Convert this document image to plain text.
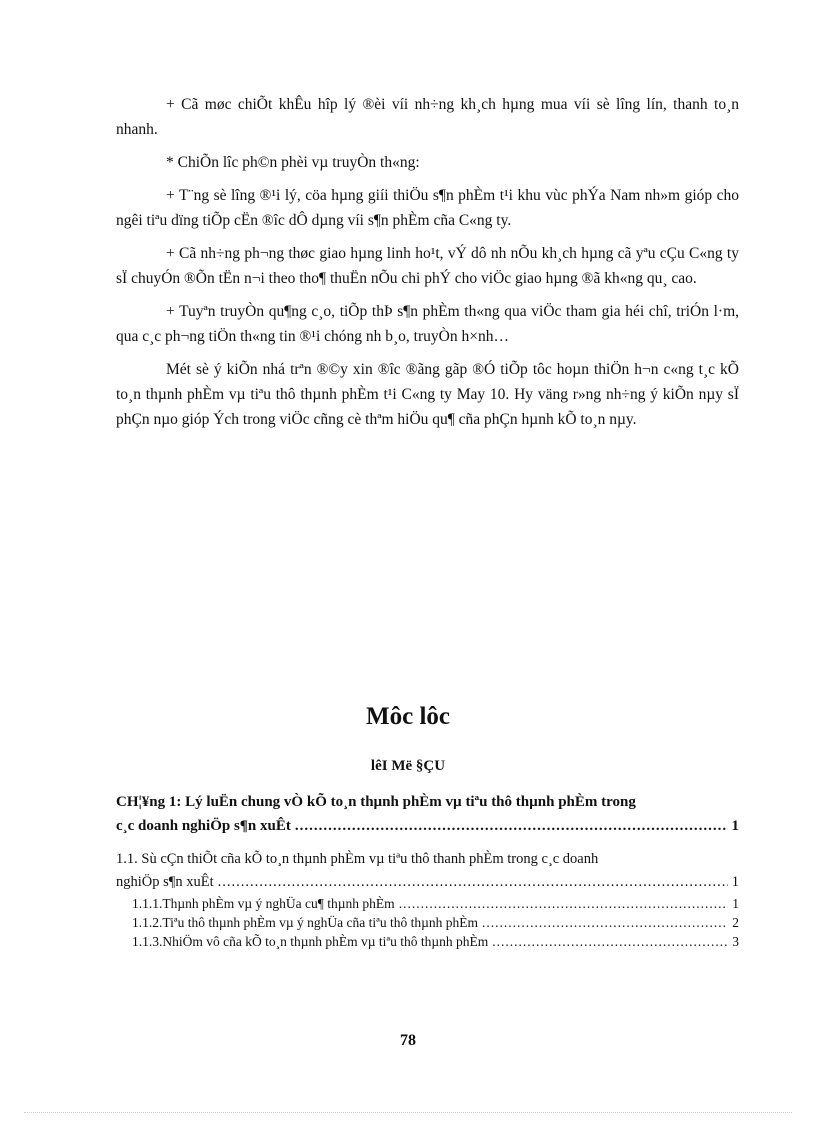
+ Cã møc chiÕt khÊu hîp lý ®èi víi nh÷ng kh¸ch hµng mua víi sè lîng lín, thanh to¸n nhanh.

* ChiÕn lîc ph©n phèi vµ truyÒn th«ng:

+ T¨ng sè lîng ®¹i lý, cöa hµng giíi thiÖu s¶n phÈm t¹i khu vùc phÝa Nam nh»m gióp cho ngêi tiªu dïng tiÕp cËn ®îc dÔ dµng víi s¶n phÈm cña C«ng ty.

+ Cã nh÷ng ph¬ng thøc giao hµng linh ho¹t, vÝ dô nh nÕu kh¸ch hµng cã yªu cÇu C«ng ty sÏ chuyÓn ®Õn tËn n¬i theo tho¶ thuËn nÕu chi phÝ cho viÖc giao hµng ®ã kh«ng qu¸ cao.

+ Tuyªn truyÒn qu¶ng c¸o, tiÕp thÞ s¶n phÈm th«ng qua viÖc tham gia héi chî, triÓn l·m, qua c¸c ph¬ng tiÖn th«ng tin ®¹i chóng nh b¸o, truyÒn h×nh…

Mét sè ý kiÕn nhá trªn ®©y xin ®îc ®ãng gãp ®Ó tiÕp tôc hoµn thiÖn h¬n c«ng t¸c kÕ to¸n thµnh phÈm vµ tiªu thô thµnh phÈm t¹i C«ng ty May 10. Hy väng r»ng nh÷ng ý kiÕn nµy sÏ phÇn nµo gióp Ých trong viÖc cñng cè thªm hiÖu qu¶ cña phÇn hµnh kÕ to¸n nµy.

Môc lôc
lêI Më §ÇU
CH¦¥ng 1: Lý luËn chung vÒ kÕ to¸n thµnh phÈm vµ tiªu thô thµnh phÈm trong
c¸c doanh nghiÖp s¶n xuÊt .....	1
1.1. Sù cÇn thiÕt cña kÕ to¸n thµnh phÈm vµ tiªu thô thanh phÈm trong c¸c doanh
nghiÖp s¶n xuÊt .....	1
1.1.1.Thµnh phÈm vµ ý nghÜa cu¶ thµnh phÈm .....	1
1.1.2.Tiªu thô thµnh phÈm vµ ý nghÜa cña tiªu thô thµnh phÈm .....	2
1.1.3.NhiÖm vô cña kÕ to¸n thµnh phÈm vµ tiªu thô thµnh phÈm .....	3
78
